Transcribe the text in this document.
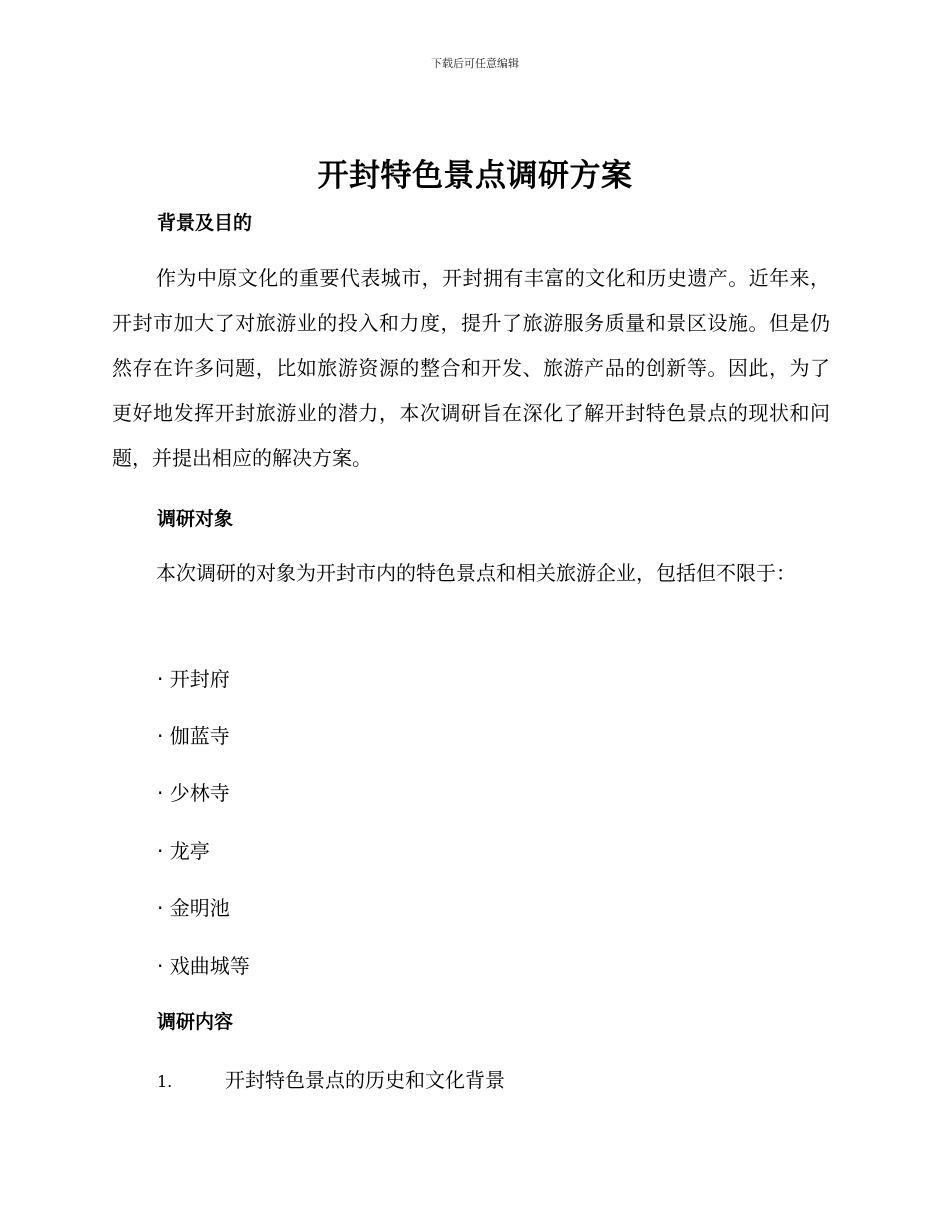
下载后可任意编辑
开封特色景点调研方案
背景及目的
作为中原文化的重要代表城市，开封拥有丰富的文化和历史遗产。近年来，开封市加大了对旅游业的投入和力度，提升了旅游服务质量和景区设施。但是仍然存在许多问题，比如旅游资源的整合和开发、旅游产品的创新等。因此，为了更好地发挥开封旅游业的潜力，本次调研旨在深化了解开封特色景点的现状和问题，并提出相应的解决方案。
调研对象
本次调研的对象为开封市内的特色景点和相关旅游企业，包括但不限于：
· 开封府
· 伽蓝寺
· 少林寺
· 龙亭
· 金明池
· 戏曲城等
调研内容
1.	开封特色景点的历史和文化背景
